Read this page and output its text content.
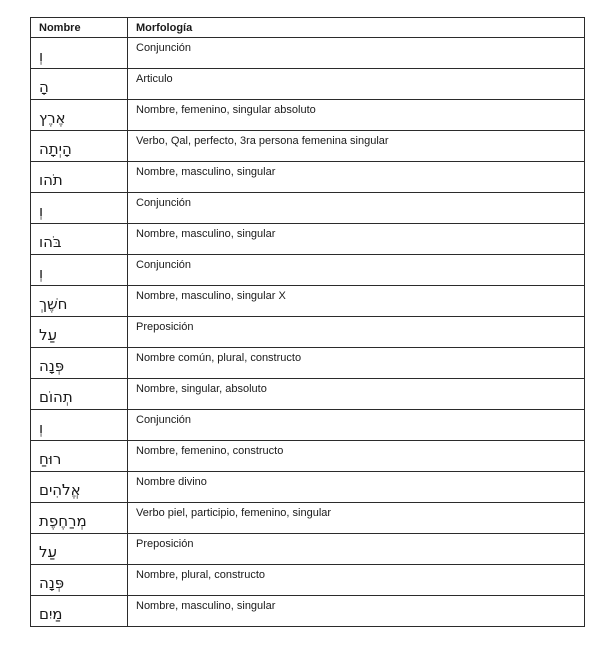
Nombre	Morfología
וְ	Conjunción
הָ	Articulo
אֶרֶץ	Nombre, femenino, singular absoluto
הָיְתָה	Verbo, Qal, perfecto, 3ra persona femenina singular
תֹהו	Nombre, masculino, singular
וְ	Conjunción
בֹּהו	Nombre, masculino, singular
וְ	Conjunción
חשֶׁךְ	Nombre, masculino, singular X
עַל	Preposición
פְּנָה	Nombre común, plural, constructo
תְהוֹם	Nombre, singular, absoluto
וְ	Conjunción
רוּחַ	Nombre, femenino, constructo
אֱלֹהִים	Nombre divino
מְרַחֶפֶת	Verbo piel, participio, femenino, singular
עַל	Preposición
פְּנָה	Nombre, plural, constructo
מַיִם	Nombre, masculino, singular
